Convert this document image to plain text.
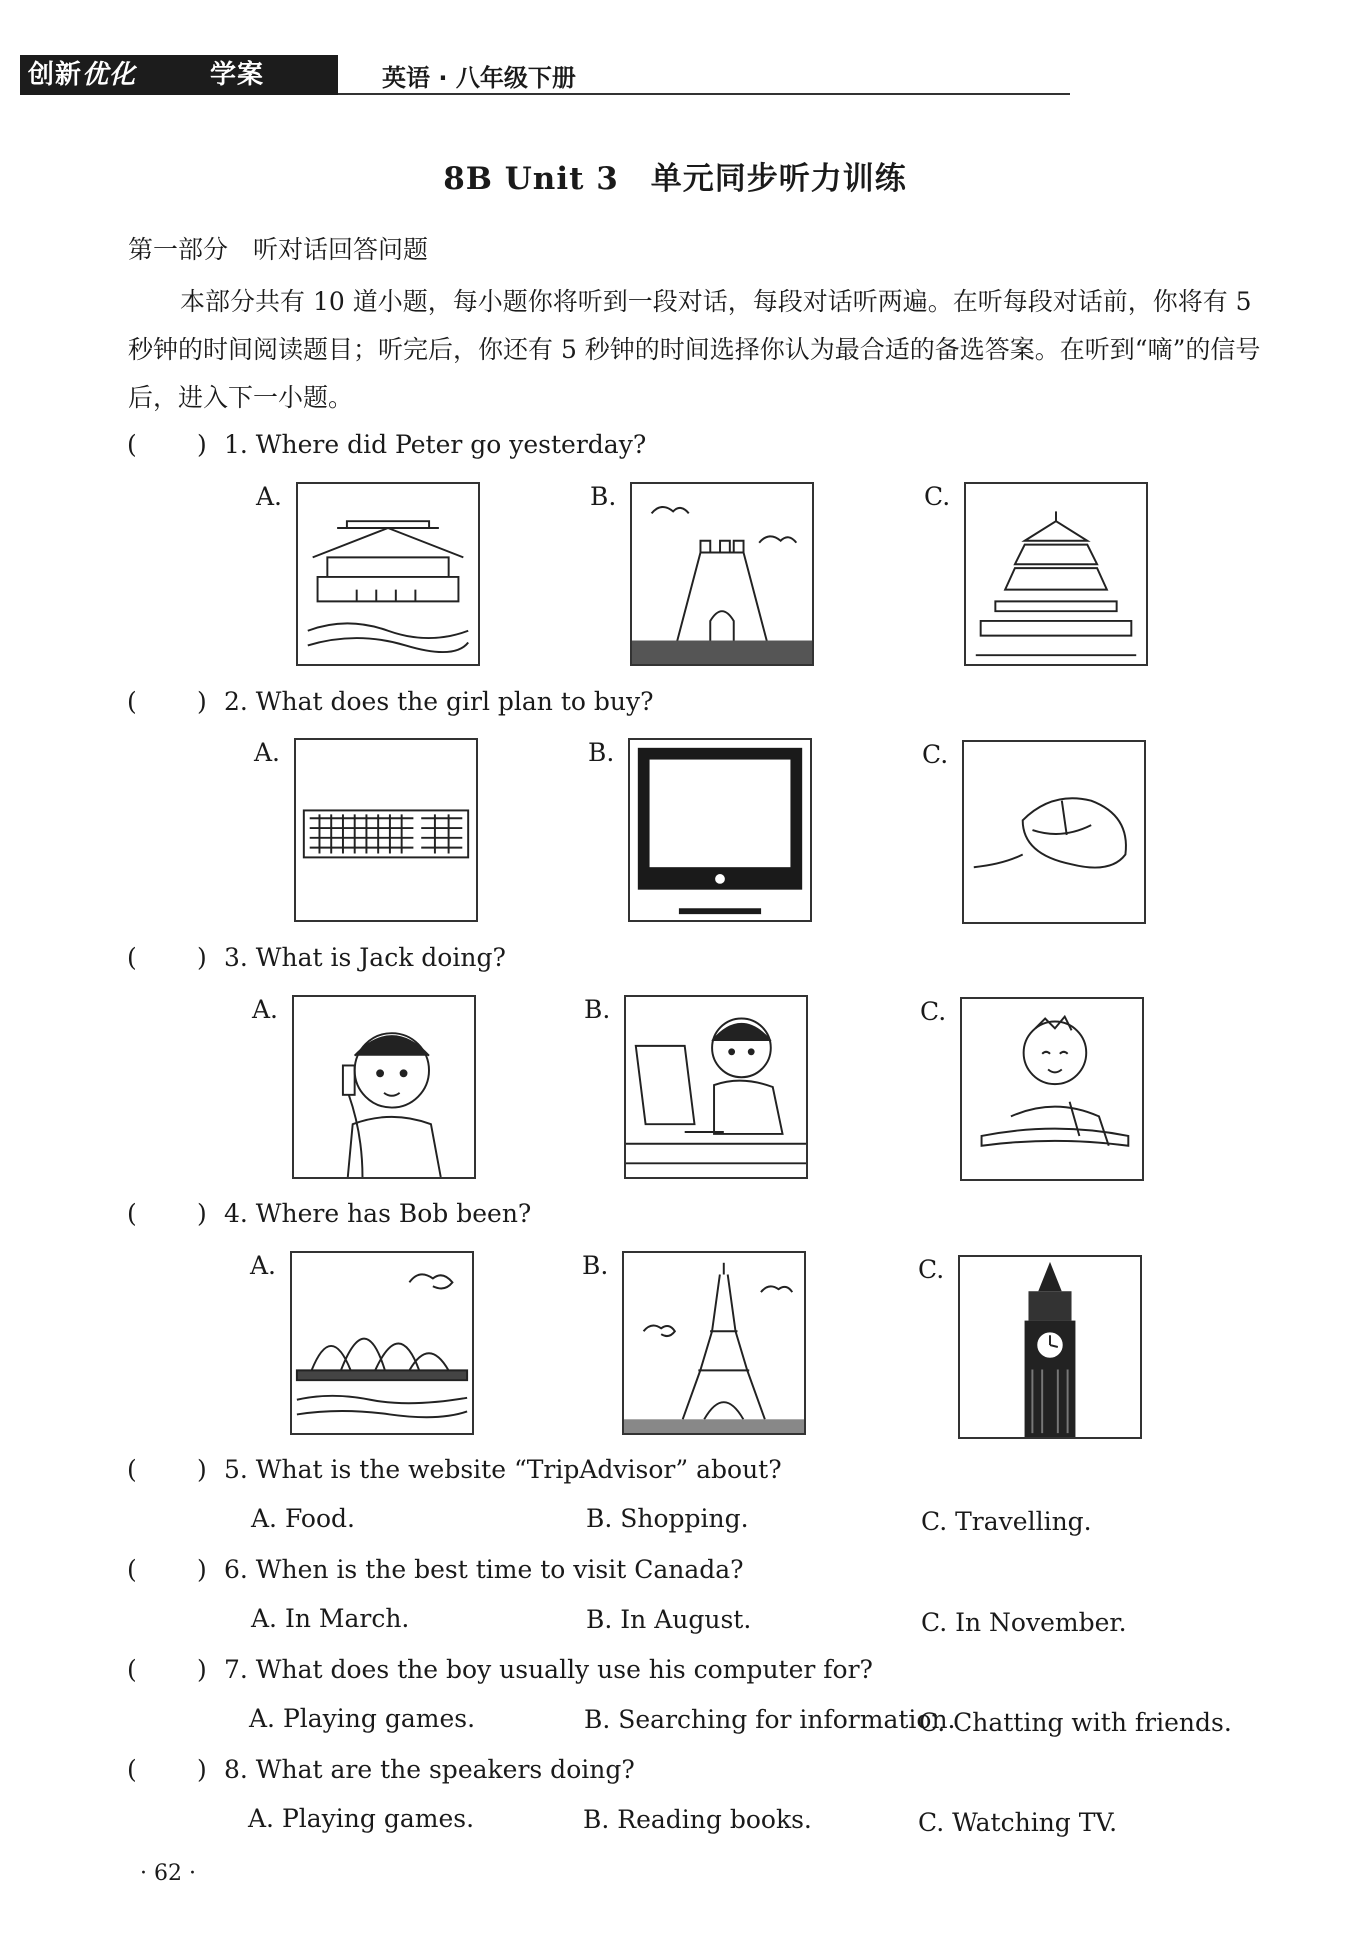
创新优化	学案	英语 · 八年级下册
8B Unit 3　单元同步听力训练
第一部分　听对话回答问题
本部分共有 10 道小题，每小题你将听到一段对话，每段对话听两遍。在听每段对话前，你将有 5 秒钟的时间阅读题目；听完后，你还有 5 秒钟的时间选择你认为最合适的备选答案。在听到“嘀”的信号后，进入下一小题。
( ) 1. Where did Peter go yesterday?
A.	B.	C.
( ) 2. What does the girl plan to buy?
A.	B.	C.
( ) 3. What is Jack doing?
A.	B.	C.
( ) 4. Where has Bob been?
A.	B.	C.
( ) 5. What is the website “TripAdvisor” about?
A. Food.	B. Shopping.	C. Travelling.
( ) 6. When is the best time to visit Canada?
A. In March.	B. In August.	C. In November.
( ) 7. What does the boy usually use his computer for?
A. Playing games.	B. Searching for information.
C. Chatting with friends.
( ) 8. What are the speakers doing?
A. Playing games.	B. Reading books.	C. Watching TV.
· 62 ·
